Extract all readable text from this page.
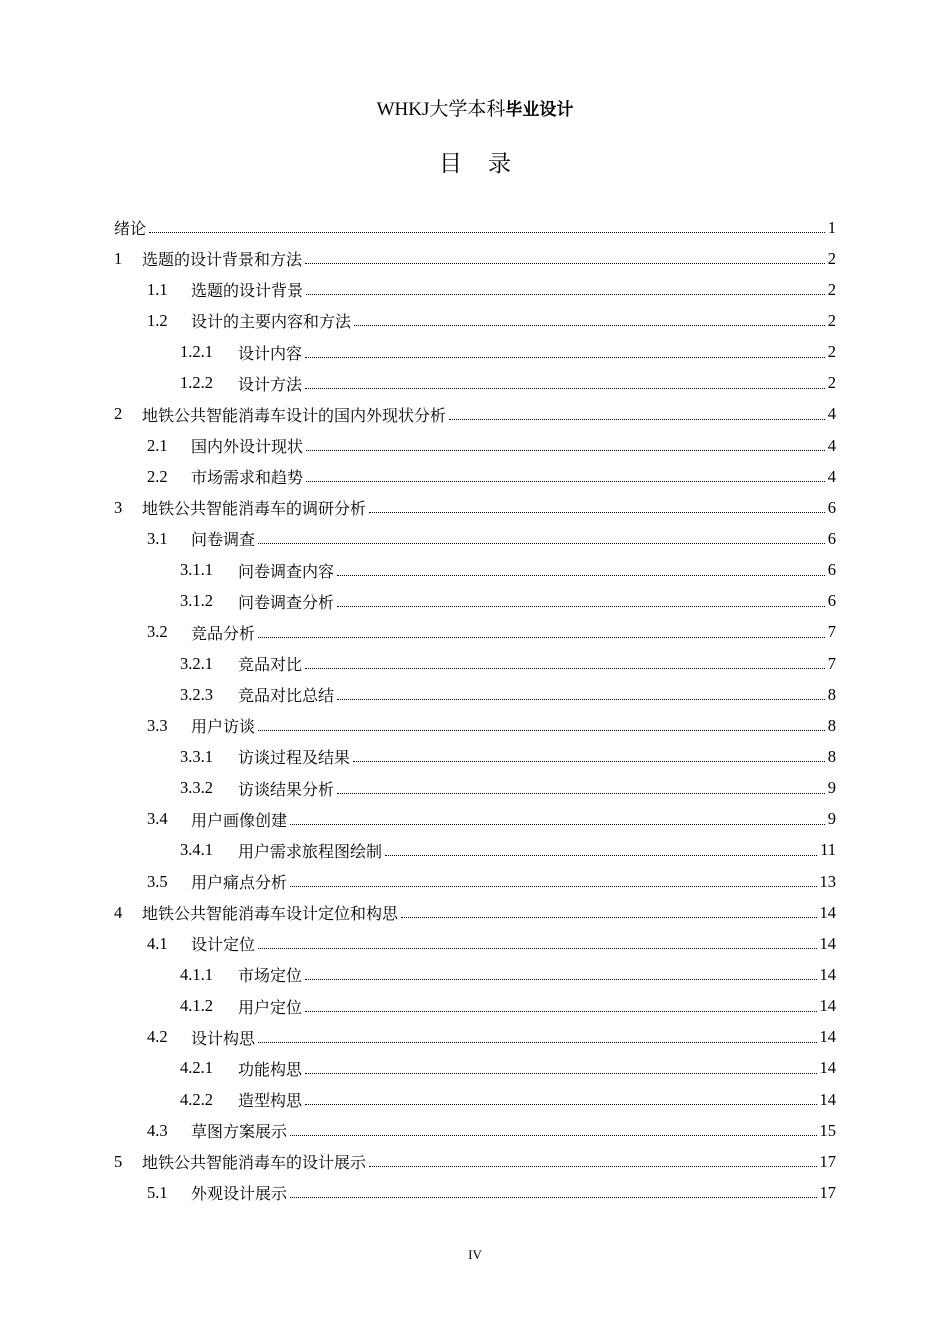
WHKJ大学本科毕业设计
目录
绪论	1
1	选题的设计背景和方法	2
1.1	选题的设计背景	2
1.2	设计的主要内容和方法	2
1.2.1	设计内容	2
1.2.2	设计方法	2
2	地铁公共智能消毒车设计的国内外现状分析	4
2.1	国内外设计现状	4
2.2	市场需求和趋势	4
3	地铁公共智能消毒车的调研分析	6
3.1	问卷调查	6
3.1.1	问卷调查内容	6
3.1.2	问卷调查分析	6
3.2	竞品分析	7
3.2.1	竞品对比	7
3.2.3	竞品对比总结	8
3.3	用户访谈	8
3.3.1	访谈过程及结果	8
3.3.2	访谈结果分析	9
3.4	用户画像创建	9
3.4.1	用户需求旅程图绘制	11
3.5	用户痛点分析	13
4	地铁公共智能消毒车设计定位和构思	14
4.1	设计定位	14
4.1.1	市场定位	14
4.1.2	用户定位	14
4.2	设计构思	14
4.2.1	功能构思	14
4.2.2	造型构思	14
4.3	草图方案展示	15
5	地铁公共智能消毒车的设计展示	17
5.1	外观设计展示	17
IV
